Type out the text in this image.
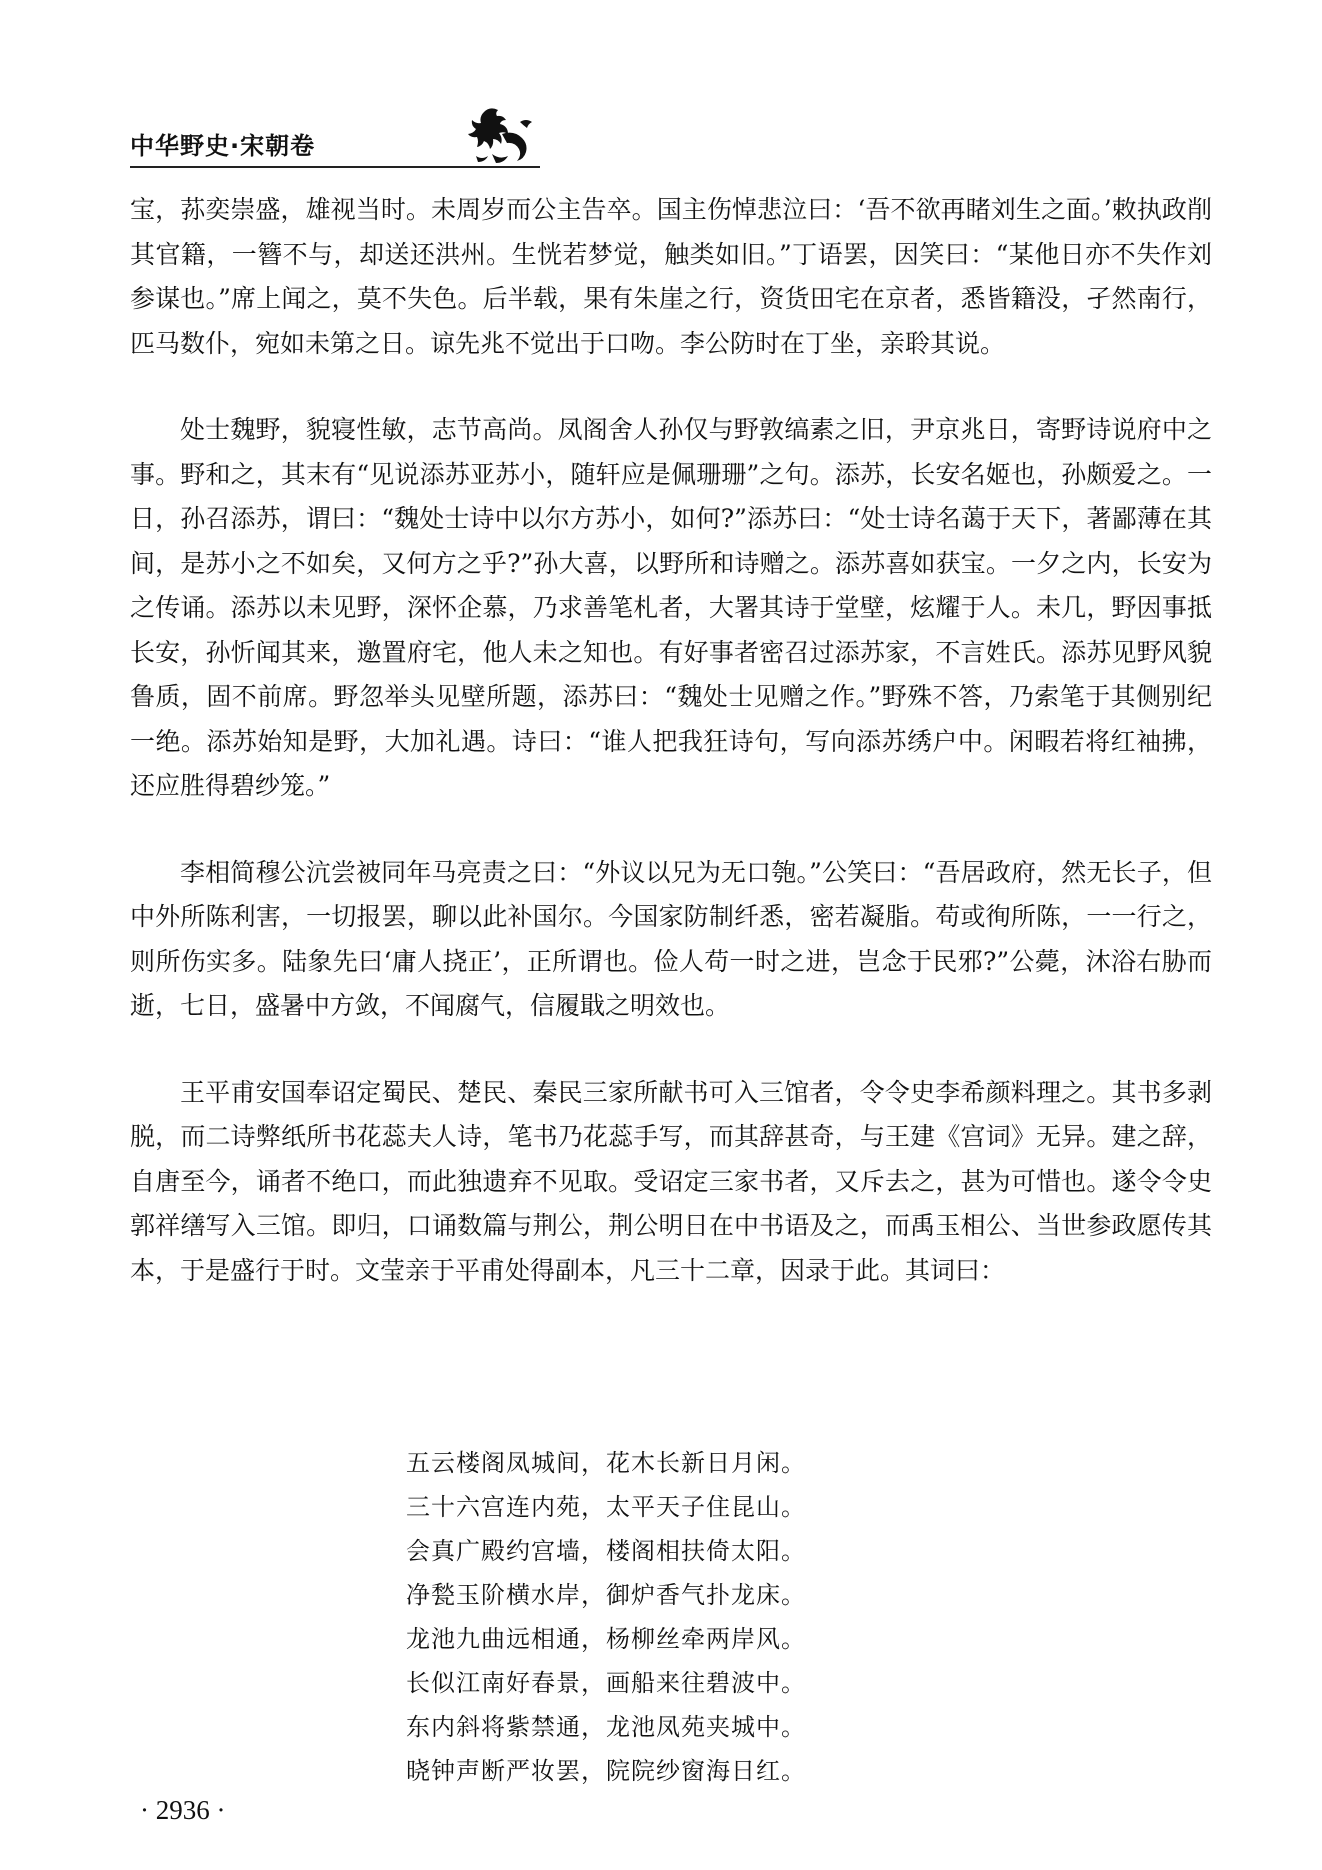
中华野史·宋朝卷

宝，荪奕崇盛，雄视当时。未周岁而公主告卒。国主伤悼悲泣曰：‘吾不欲再睹刘生之面。’敕执政削其官籍，一簪不与，却送还洪州。生恍若梦觉，触类如旧。”丁语罢，因笑曰：“某他日亦不失作刘参谋也。”席上闻之，莫不失色。后半载，果有朱崖之行，资货田宅在京者，悉皆籍没，孑然南行，匹马数仆，宛如未第之日。谅先兆不觉出于口吻。李公防时在丁坐，亲聆其说。

处士魏野，貌寝性敏，志节高尚。凤阁舍人孙仅与野敦缟素之旧，尹京兆日，寄野诗说府中之事。野和之，其末有“见说添苏亚苏小，随轩应是佩珊珊”之句。添苏，长安名姬也，孙颇爱之。一日，孙召添苏，谓曰：“魏处士诗中以尔方苏小，如何?”添苏曰：“处士诗名蔼于天下，著鄙薄在其间，是苏小之不如矣，又何方之乎?”孙大喜，以野所和诗赠之。添苏喜如获宝。一夕之内，长安为之传诵。添苏以未见野，深怀企慕，乃求善笔札者，大署其诗于堂壁，炫耀于人。未几，野因事抵长安，孙忻闻其来，邀置府宅，他人未之知也。有好事者密召过添苏家，不言姓氏。添苏见野风貌鲁质，固不前席。野忽举头见壁所题，添苏曰：“魏处士见赠之作。”野殊不答，乃索笔于其侧别纪一绝。添苏始知是野，大加礼遇。诗曰：“谁人把我狂诗句，写向添苏绣户中。闲暇若将红袖拂，还应胜得碧纱笼。”

李相简穆公沆尝被同年马亮责之曰：“外议以兄为无口匏。”公笑曰：“吾居政府，然无长子，但中外所陈利害，一切报罢，聊以此补国尔。今国家防制纤悉，密若凝脂。苟或徇所陈，一一行之，则所伤实多。陆象先曰‘庸人挠正’，正所谓也。俭人苟一时之进，岂念于民邪?”公薨，沐浴右胁而逝，七日，盛暑中方敛，不闻腐气，信履戢之明效也。

王平甫安国奉诏定蜀民、楚民、秦民三家所献书可入三馆者，令令史李希颜料理之。其书多剥脱，而二诗弊纸所书花蕊夫人诗，笔书乃花蕊手写，而其辞甚奇，与王建《宫词》无异。建之辞，自唐至今，诵者不绝口，而此独遗弃不见取。受诏定三家书者，又斥去之，甚为可惜也。遂令令史郭祥缮写入三馆。即归，口诵数篇与荆公，荆公明日在中书语及之，而禹玉相公、当世参政愿传其本，于是盛行于时。文莹亲于平甫处得副本，凡三十二章，因录于此。其词曰：

五云楼阁凤城间，花木长新日月闲。
三十六宫连内苑，太平天子住昆山。
会真广殿约宫墙，楼阁相扶倚太阳。
净甃玉阶横水岸，御炉香气扑龙床。
龙池九曲远相通，杨柳丝牵两岸风。
长似江南好春景，画船来往碧波中。
东内斜将紫禁通，龙池凤苑夹城中。
晓钟声断严妆罢，院院纱窗海日红。
· 2936 ·
